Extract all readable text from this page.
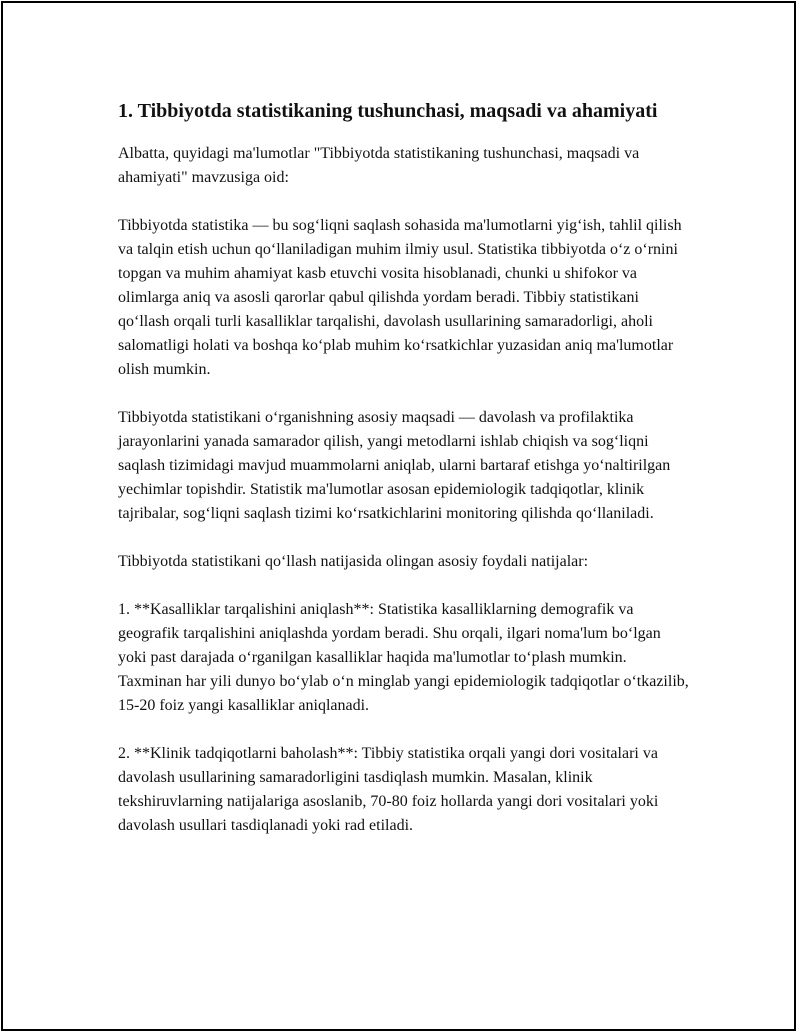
1. Tibbiyotda statistikaning tushunchasi, maqsadi va ahamiyati

Albatta, quyidagi ma'lumotlar "Tibbiyotda statistikaning tushunchasi, maqsadi va ahamiyati" mavzusiga oid:

Tibbiyotda statistika — bu sog‘liqni saqlash sohasida ma'lumotlarni yig‘ish, tahlil qilish va talqin etish uchun qo‘llaniladigan muhim ilmiy usul. Statistika tibbiyotda o‘z o‘rnini topgan va muhim ahamiyat kasb etuvchi vosita hisoblanadi, chunki u shifokor va olimlarga aniq va asosli qarorlar qabul qilishda yordam beradi. Tibbiy statistikani qo‘llash orqali turli kasalliklar tarqalishi, davolash usullarining samaradorligi, aholi salomatligi holati va boshqa ko‘plab muhim ko‘rsatkichlar yuzasidan aniq ma'lumotlar olish mumkin.

Tibbiyotda statistikani o‘rganishning asosiy maqsadi — davolash va profilaktika jarayonlarini yanada samarador qilish, yangi metodlarni ishlab chiqish va sog‘liqni saqlash tizimidagi mavjud muammolarni aniqlab, ularni bartaraf etishga yo‘naltirilgan yechimlar topishdir. Statistik ma'lumotlar asosan epidemiologik tadqiqotlar, klinik tajribalar, sog‘liqni saqlash tizimi ko‘rsatkichlarini monitoring qilishda qo‘llaniladi.

Tibbiyotda statistikani qo‘llash natijasida olingan asosiy foydali natijalar:

1. **Kasalliklar tarqalishini aniqlash**: Statistika kasalliklarning demografik va geografik tarqalishini aniqlashda yordam beradi. Shu orqali, ilgari noma'lum bo‘lgan yoki past darajada o‘rganilgan kasalliklar haqida ma'lumotlar to‘plash mumkin. Taxminan har yili dunyo bo‘ylab o‘n minglab yangi epidemiologik tadqiqotlar o‘tkazilib, 15-20 foiz yangi kasalliklar aniqlanadi.

2. **Klinik tadqiqotlarni baholash**: Tibbiy statistika orqali yangi dori vositalari va davolash usullarining samaradorligini tasdiqlash mumkin. Masalan, klinik tekshiruvlarning natijalariga asoslanib, 70-80 foiz hollarda yangi dori vositalari yoki davolash usullari tasdiqlanadi yoki rad etiladi.
